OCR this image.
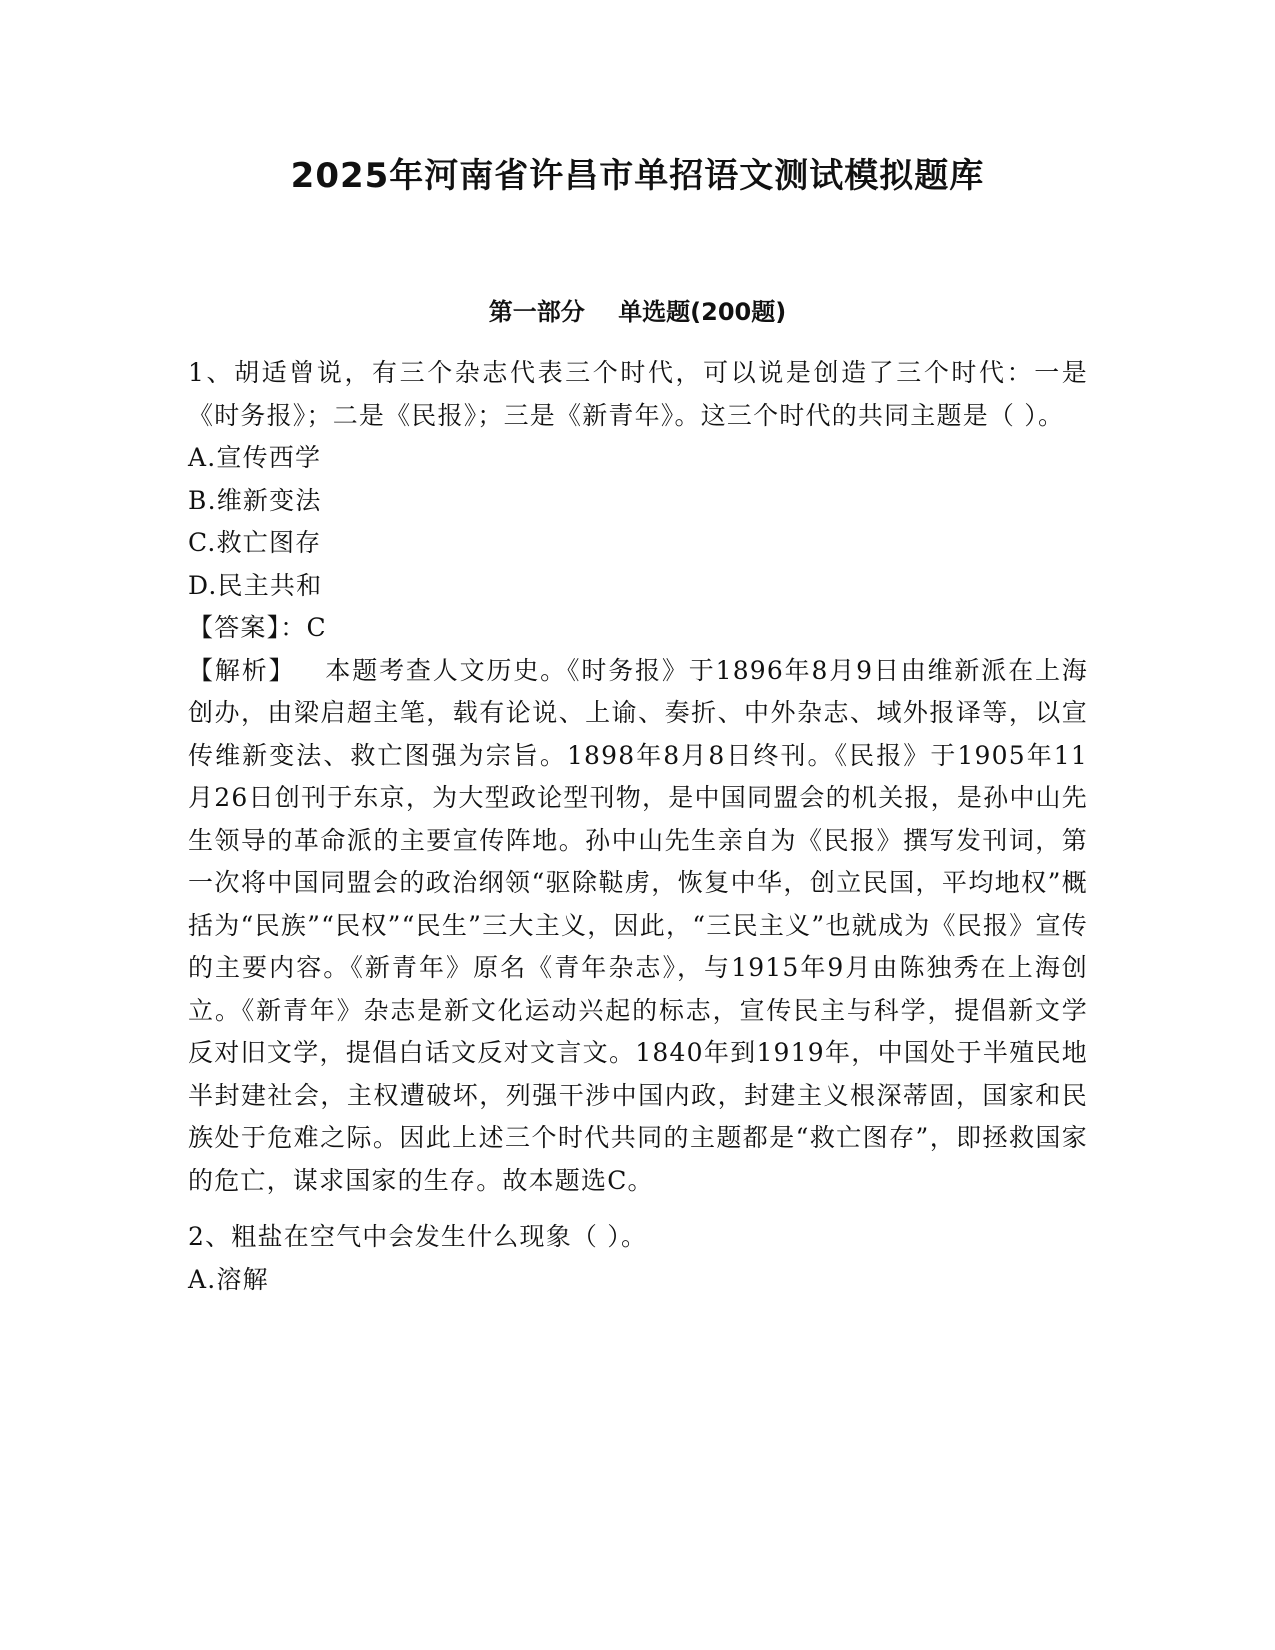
2025年河南省许昌市单招语文测试模拟题库
第一部分 单选题(200题)

1、胡适曾说，有三个杂志代表三个时代，可以说是创造了三个时代：一是《时务报》；二是《民报》；三是《新青年》。这三个时代的共同主题是（ ）。

A.宣传西学

B.维新变法

C.救亡图存

D.民主共和

【答案】：C

【解析】 本题考查人文历史。《时务报》于1896年8月9日由维新派在上海创办，由梁启超主笔，载有论说、上谕、奏折、中外杂志、域外报译等，以宣传维新变法、救亡图强为宗旨。1898年8月8日终刊。《民报》于1905年11月26日创刊于东京，为大型政论型刊物，是中国同盟会的机关报，是孙中山先生领导的革命派的主要宣传阵地。孙中山先生亲自为《民报》撰写发刊词，第一次将中国同盟会的政治纲领“驱除鞑虏，恢复中华，创立民国，平均地权”概括为“民族”“民权”“民生”三大主义，因此，“三民主义”也就成为《民报》宣传的主要内容。《新青年》原名《青年杂志》，与1915年9月由陈独秀在上海创立。《新青年》杂志是新文化运动兴起的标志，宣传民主与科学，提倡新文学反对旧文学，提倡白话文反对文言文。1840年到1919年，中国处于半殖民地半封建社会，主权遭破坏，列强干涉中国内政，封建主义根深蒂固，国家和民族处于危难之际。因此上述三个时代共同的主题都是“救亡图存”，即拯救国家的危亡，谋求国家的生存。故本题选C。

2、粗盐在空气中会发生什么现象（ ）。

A.溶解
